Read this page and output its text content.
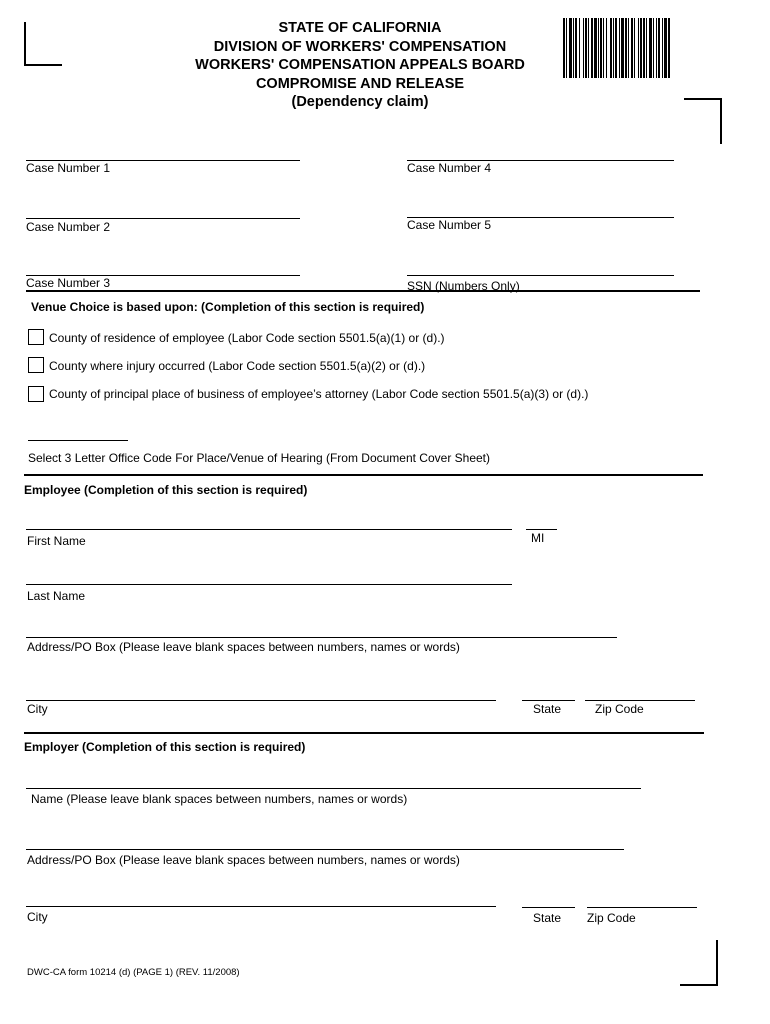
STATE OF CALIFORNIA
DIVISION OF WORKERS' COMPENSATION
WORKERS' COMPENSATION APPEALS BOARD
COMPROMISE AND RELEASE
(Dependency claim)
Case Number 1	Case Number 4
Case Number 2	Case Number 5
Case Number 3	SSN (Numbers Only)
Venue Choice is based upon: (Completion of this section is required)
County of residence of employee (Labor Code section 5501.5(a)(1) or (d).)
County where injury occurred (Labor Code section 5501.5(a)(2) or (d).)
County of principal place of business of employee’s attorney (Labor Code section 5501.5(a)(3) or (d).)
Select 3 Letter Office Code For Place/Venue of Hearing (From Document Cover Sheet)
Employee (Completion of this section is required)
First Name	MI
Last Name
Address/PO Box (Please leave blank spaces between numbers, names or words)
City	State	Zip Code
Employer (Completion of this section is required)
Name (Please leave blank spaces between numbers, names or words)
Address/PO Box (Please leave blank spaces between numbers, names or words)
City	State Zip Code
DWC-CA form 10214 (d) (PAGE 1) (REV. 11/2008)
